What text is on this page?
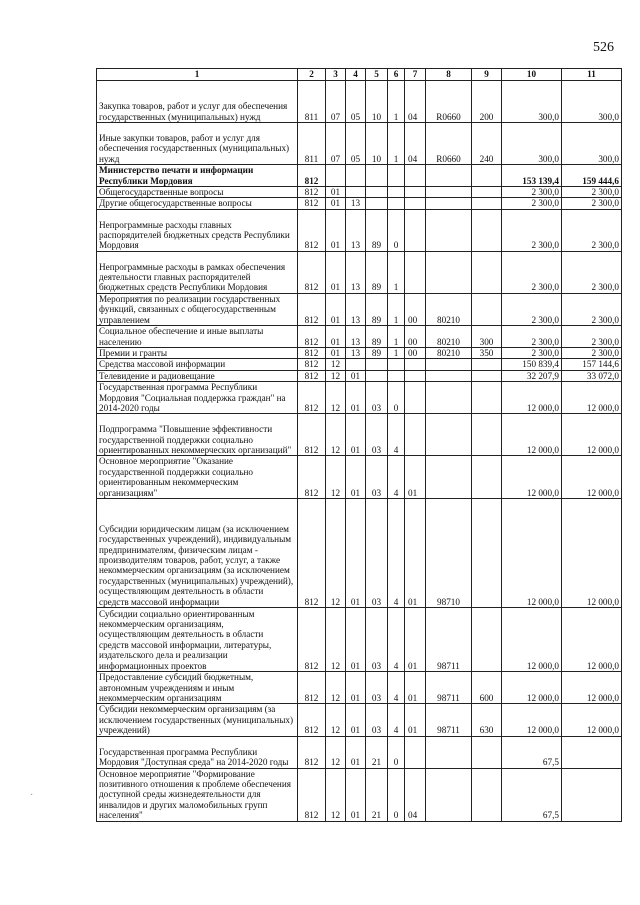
526
1	2	3	4	5	6	7	8	9	10	11
Закупка товаров, работ и услуг для обеспечения государственных (муниципальных) нужд	811	07	05	10	1	04	R0660	200	300,0	300,0
Иные закупки товаров, работ и услуг для обеспечения государственных (муниципальных) нужд	811	07	05	10	1	04	R0660	240	300,0	300,0
Министерство печати и информации Республики Мордовия	812								153 139,4	159 444,6
Общегосударственные вопросы	812	01							2 300,0	2 300,0
Другие общегосударственные вопросы	812	01	13						2 300,0	2 300,0
Непрограммные расходы главных распорядителей бюджетных средств Республики Мордовия	812	01	13	89	0				2 300,0	2 300,0
Непрограммные расходы в рамках обеспечения деятельности главных распорядителей бюджетных средств Республики Мордовия	812	01	13	89	1				2 300,0	2 300,0
Мероприятия по реализации государственных функций, связанных с общегосударственным управлением	812	01	13	89	1	00	80210		2 300,0	2 300,0
Социальное обеспечение и иные выплаты населению	812	01	13	89	1	00	80210	300	2 300,0	2 300,0
Премии и гранты	812	01	13	89	1	00	80210	350	2 300,0	2 300,0
Средства массовой информации	812	12							150 839,4	157 144,6
Телевидение и радиовещание	812	12	01						32 207,9	33 072,0
Государственная программа Республики Мордовия "Социальная поддержка граждан" на 2014-2020 годы	812	12	01	03	0				12 000,0	12 000,0
Подпрограмма "Повышение эффективности государственной поддержки социально ориентированных некоммерческих организаций"	812	12	01	03	4				12 000,0	12 000,0
Основное мероприятие "Оказание государственной поддержки социально ориентированным некоммерческим организациям"	812	12	01	03	4	01			12 000,0	12 000,0
Субсидии юридическим лицам (за исключением государственных учреждений), индивидуальным предпринимателям, физическим лицам - производителям товаров, работ, услуг, а также некоммерческим организациям (за исключением государственных (муниципальных) учреждений), осуществляющим деятельность в области средств массовой информации	812	12	01	03	4	01	98710		12 000,0	12 000,0
Субсидии социально ориентированным некоммерческим организациям, осуществляющим деятельность в области средств массовой информации, литературы, издательского дела и реализации информационных проектов	812	12	01	03	4	01	98711		12 000,0	12 000,0
Предоставление субсидий бюджетным, автономным учреждениям и иным некоммерческим организациям	812	12	01	03	4	01	98711	600	12 000,0	12 000,0
Субсидии некоммерческим организациям (за исключением государственных (муниципальных) учреждений)	812	12	01	03	4	01	98711	630	12 000,0	12 000,0
Государственная программа Республики Мордовия "Доступная среда" на 2014-2020 годы	812	12	01	21	0				67,5	
Основное мероприятие "Формирование позитивного отношения к проблеме обеспечения доступной среды жизнедеятельности для инвалидов и других маломобильных групп населения"	812	12	01	21	0	04			67,5	
·
